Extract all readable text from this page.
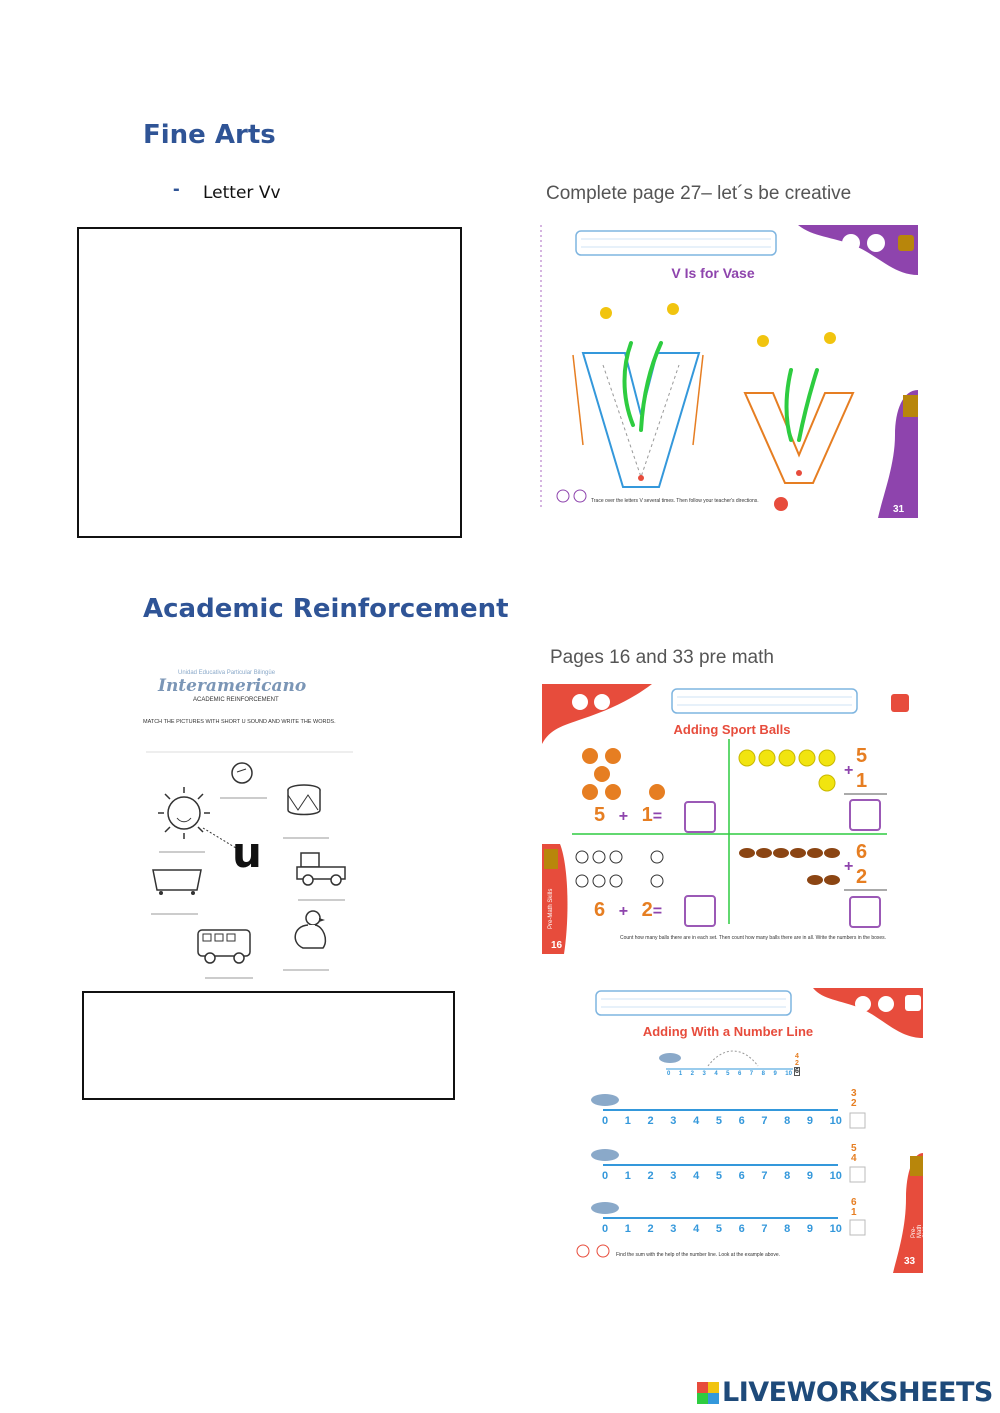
Fine Arts
- Letter Vv	Complete page 27– let´s be creative
V Is for Vase
Trace over the letters V several times. Then follow your teacher's directions.
31
Let's Be Creative
Academic Reinforcement
Pages 16 and 33 pre math
Unidad Educativa Particular Bilingüe
Interamericano
ACADEMIC REINFORCEMENT
MATCH THE PICTURES WITH SHORT U SOUND AND WRITE THE WORDS.
u
Adding Sport Balls
5 + 1=
+
5
1
6 + 2=
+
6
2
Count how many balls there are in each set. Then count how many balls there are in all. Write the numbers in the boxes.
16
Pre-Math Skills
Adding With a Number Line
0 1 2 3 4 5 6 7 8 9 10
4
2
6
0 1 2 3 4 5 6 7 8 9 10
0 1 2 3 4 5 6 7 8 9 10
0 1 2 3 4 5 6 7 8 9 10
3
2
5
4
6
1
Find the sum with the help of the number line. Look at the example above.
33
Pre-Math Skills
LIVEWORKSHEETS
